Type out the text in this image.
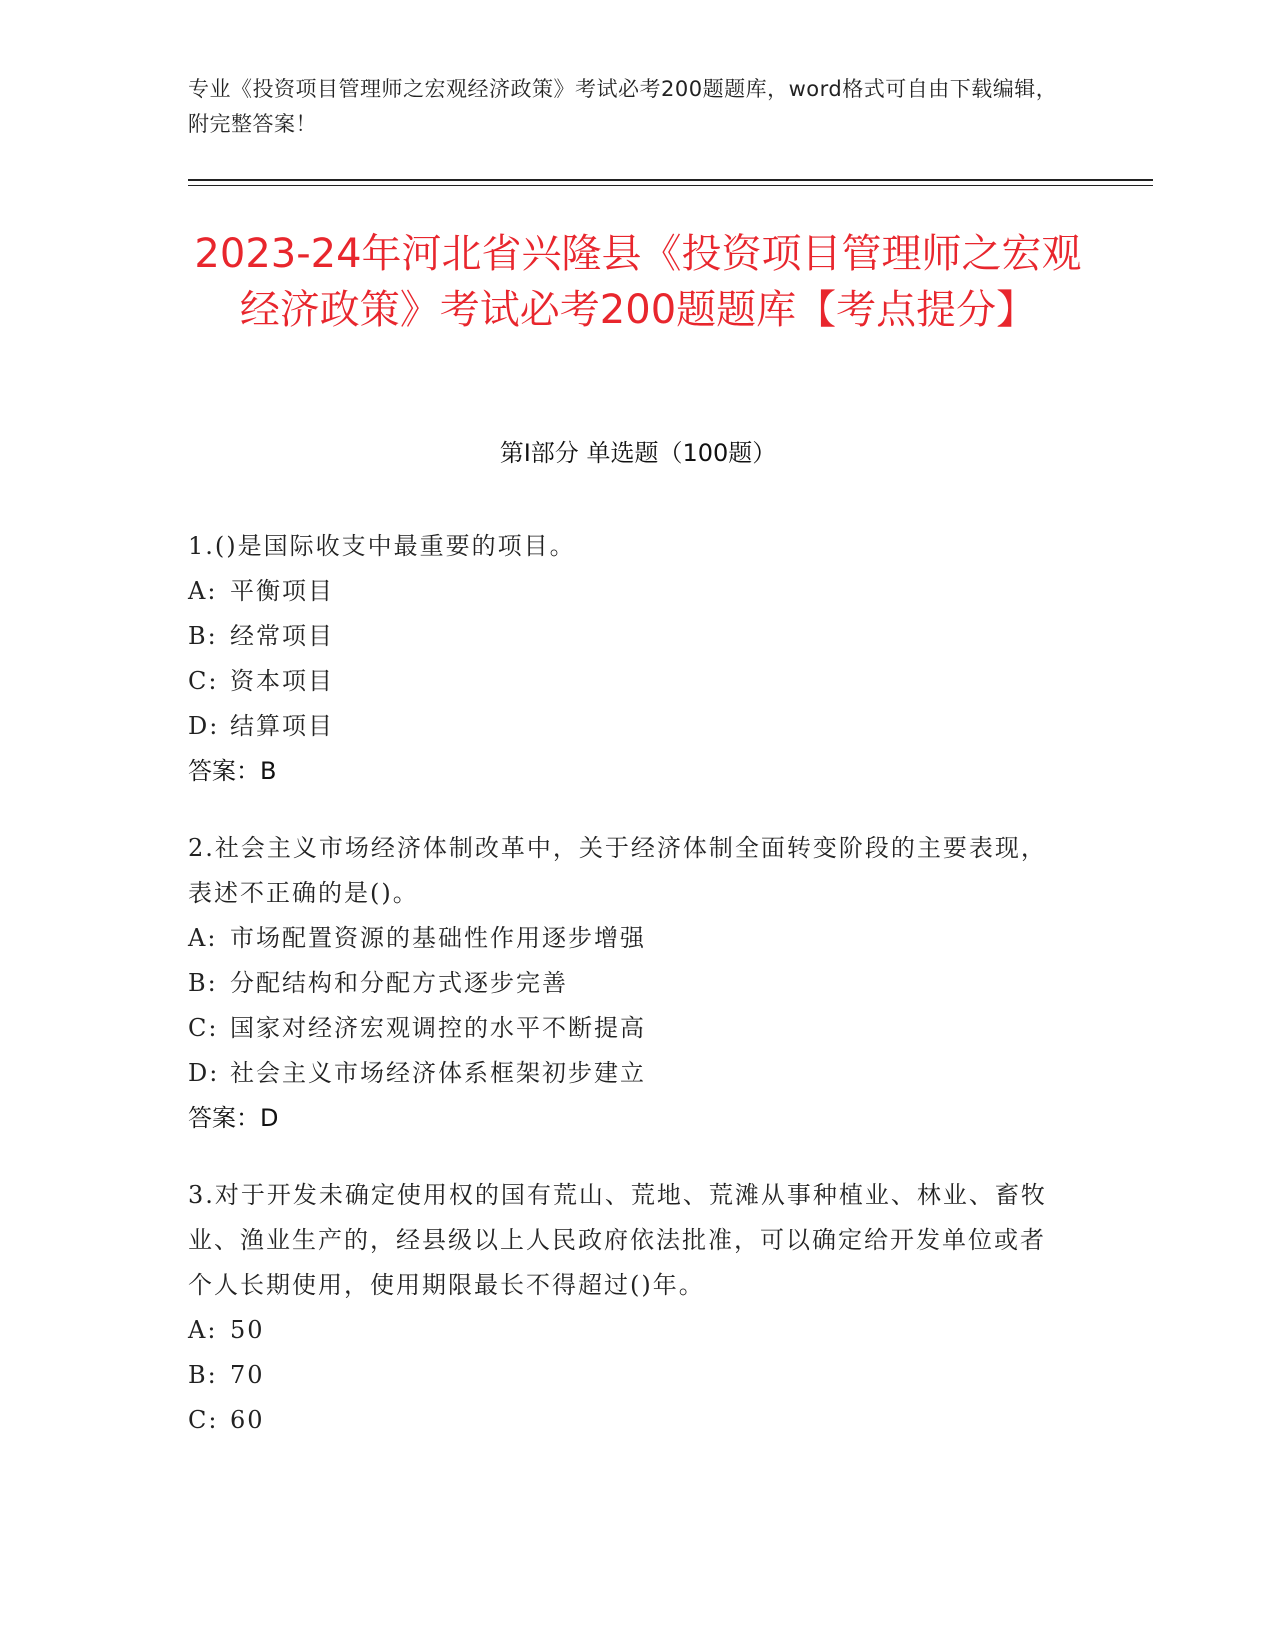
专业《投资项目管理师之宏观经济政策》考试必考200题题库，word格式可自由下载编辑，附完整答案！
2023-24年河北省兴隆县《投资项目管理师之宏观经济政策》考试必考200题题库【考点提分】
第I部分 单选题（100题）
1.()是国际收支中最重要的项目。
A: 平衡项目
B: 经常项目
C: 资本项目
D: 结算项目
答案：B
2.社会主义市场经济体制改革中，关于经济体制全面转变阶段的主要表现，表述不正确的是()。
A: 市场配置资源的基础性作用逐步增强
B: 分配结构和分配方式逐步完善
C: 国家对经济宏观调控的水平不断提高
D: 社会主义市场经济体系框架初步建立
答案：D
3.对于开发未确定使用权的国有荒山、荒地、荒滩从事种植业、林业、畜牧业、渔业生产的，经县级以上人民政府依法批准，可以确定给开发单位或者个人长期使用，使用期限最长不得超过()年。
A: 50
B: 70
C: 60
